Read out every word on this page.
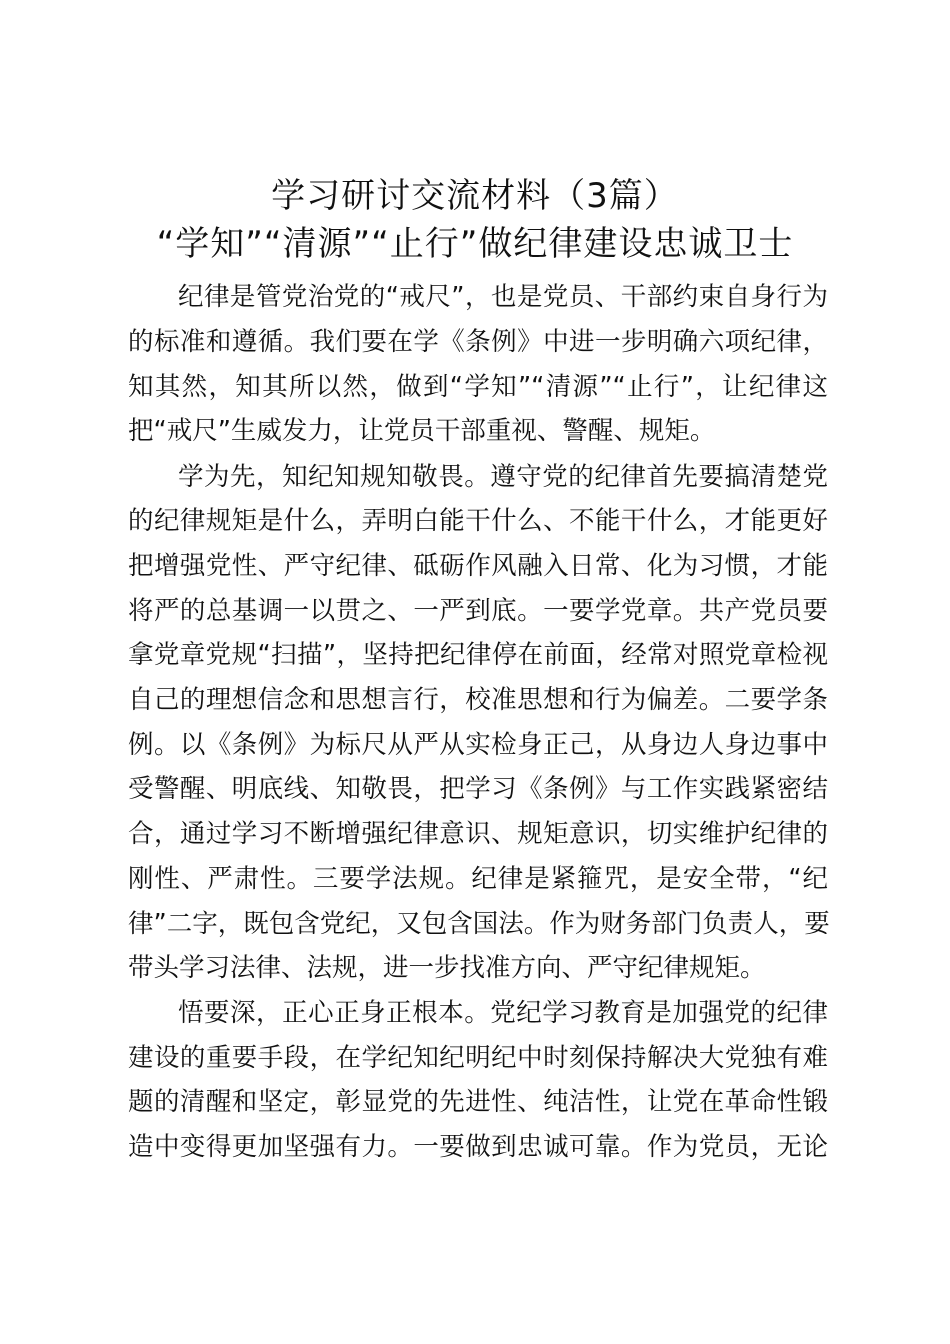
学习研讨交流材料（3篇）
“学知”“清源”“止行”做纪律建设忠诚卫士
纪律是管党治党的“戒尺”，也是党员、干部约束自身行为
的标准和遵循。我们要在学《条例》中进一步明确六项纪律，
知其然，知其所以然，做到“学知”“清源”“止行”，让纪律这
把“戒尺”生威发力，让党员干部重视、警醒、规矩。
学为先，知纪知规知敬畏。遵守党的纪律首先要搞清楚党
的纪律规矩是什么，弄明白能干什么、不能干什么，才能更好
把增强党性、严守纪律、砥砺作风融入日常、化为习惯，才能
将严的总基调一以贯之、一严到底。一要学党章。共产党员要
拿党章党规“扫描”，坚持把纪律停在前面，经常对照党章检视
自己的理想信念和思想言行，校准思想和行为偏差。二要学条
例。以《条例》为标尺从严从实检身正己，从身边人身边事中
受警醒、明底线、知敬畏，把学习《条例》与工作实践紧密结
合，通过学习不断增强纪律意识、规矩意识，切实维护纪律的
刚性、严肃性。三要学法规。纪律是紧箍咒，是安全带，“纪
律”二字，既包含党纪，又包含国法。作为财务部门负责人，要
带头学习法律、法规，进一步找准方向、严守纪律规矩。
悟要深，正心正身正根本。党纪学习教育是加强党的纪律
建设的重要手段，在学纪知纪明纪中时刻保持解决大党独有难
题的清醒和坚定，彰显党的先进性、纯洁性，让党在革命性锻
造中变得更加坚强有力。一要做到忠诚可靠。作为党员，无论
